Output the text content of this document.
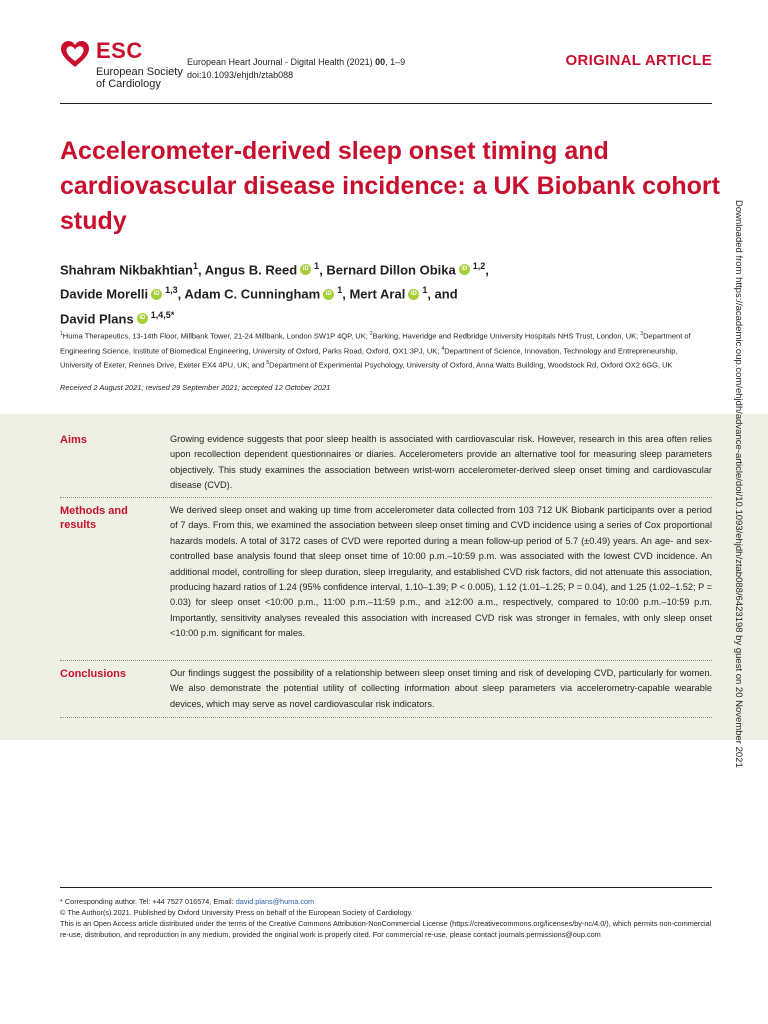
ESC
European Society
of Cardiology
European Heart Journal - Digital Health (2021) 00, 1–9
doi:10.1093/ehjdh/ztab088
ORIGINAL ARTICLE
Accelerometer-derived sleep onset timing and cardiovascular disease incidence: a UK Biobank cohort study
Shahram Nikbakhtian$^1$, Angus B. Reed iD $^1$, Bernard Dillon Obika iD $^{1,2}$,
Davide Morelli iD $^{1,3}$, Adam C. Cunningham iD $^1$, Mert Aral iD $^1$, and
David Plans iD $^{1,4,5*}$
$^1$Huma Therapeutics, 13-14th Floor, Millbank Tower, 21-24 Millbank, London SW1P 4QP, UK; $^2$Barking, Haveridge and Redbridge University Hospitals NHS Trust, London, UK; $^3$Department of Engineering Science, Institute of Biomedical Engineering, University of Oxford, Parks Road, Oxford, OX1 3PJ, UK; $^4$Department of Science, Innovation, Technology and Entrepreneurship, University of Exeter, Rennes Drive, Exeter EX4 4PU, UK; and $^5$Department of Experimental Psychology, University of Oxford, Anna Watts Building, Woodstock Rd, Oxford OX2 6GG, UK
Received 2 August 2021; revised 29 September 2021; accepted 12 October 2021
Aims	Growing evidence suggests that poor sleep health is associated with cardiovascular risk. However, research in this area often relies upon recollection dependent questionnaires or diaries. Accelerometers provide an alternative tool for measuring sleep parameters objectively. This study examines the association between wrist-worn accelerometer-derived sleep onset timing and cardiovascular disease (CVD).
Methods and results
We derived sleep onset and waking up time from accelerometer data collected from 103 712 UK Biobank participants over a period of 7 days. From this, we examined the association between sleep onset timing and CVD incidence using a series of Cox proportional hazards models. A total of 3172 cases of CVD were reported during a mean follow-up period of 5.7 (±0.49) years. An age- and sex-controlled base analysis found that sleep onset time of 10:00 p.m.–10:59 p.m. was associated with the lowest CVD incidence. An additional model, controlling for sleep duration, sleep irregularity, and established CVD risk factors, did not attenuate this association, producing hazard ratios of 1.24 (95% confidence interval, 1.10–1.39; P < 0.005), 1.12 (1.01–1.25; P = 0.04), and 1.25 (1.02–1.52; P = 0.03) for sleep onset <10:00 p.m., 11:00 p.m.–11:59 p.m., and ≥12:00 a.m., respectively, compared to 10:00 p.m.–10:59 p.m. Importantly, sensitivity analyses revealed this association with increased CVD risk was stronger in females, with only sleep onset <10:00 p.m. significant for males.
Conclusions	Our findings suggest the possibility of a relationship between sleep onset timing and risk of developing CVD, particularly for women. We also demonstrate the potential utility of collecting information about sleep parameters via accelerometry-capable wearable devices, which may serve as novel cardiovascular risk indicators.
* Corresponding author. Tel: +44 7527 016574, Email: david.plans@huma.com
© The Author(s) 2021. Published by Oxford University Press on behalf of the European Society of Cardiology.
This is an Open Access article distributed under the terms of the Creative Commons Attribution-NonCommercial License (https://creativecommons.org/licenses/by-nc/4.0/), which permits non-commercial re-use, distribution, and reproduction in any medium, provided the original work is properly cited. For commercial re-use, please contact journals.permissions@oup.com
Downloaded from https://academic.oup.com/ehjdh/advance-article/doi/10.1093/ehjdh/ztab088/6423198 by guest on 20 November 2021
